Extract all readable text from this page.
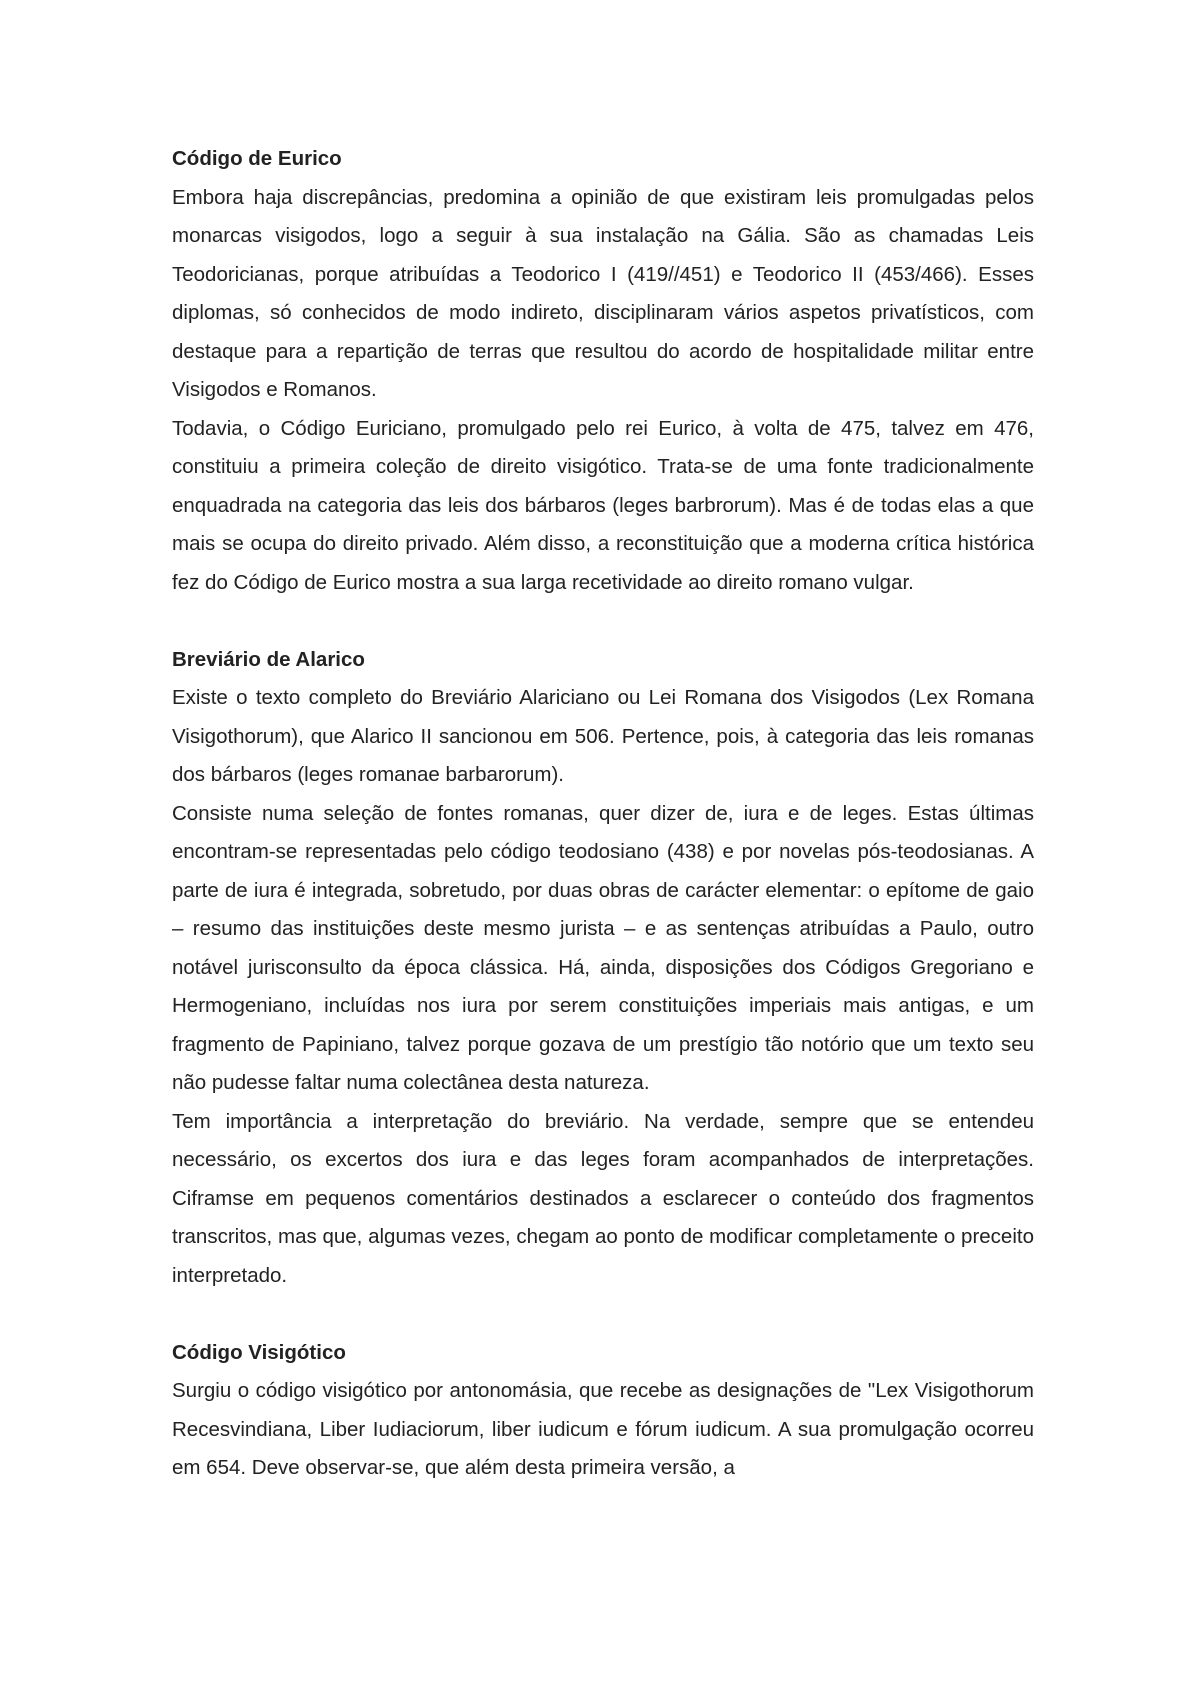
Código de Eurico

Embora haja discrepâncias, predomina a opinião de que existiram leis promulgadas pelos monarcas visigodos, logo a seguir à sua instalação na Gália. São as chamadas Leis Teodoricianas, porque atribuídas a Teodorico I (419//451) e Teodorico II (453/466). Esses diplomas, só conhecidos de modo indireto, disciplinaram vários aspetos privatísticos, com destaque para a repartição de terras que resultou do acordo de hospitalidade militar entre Visigodos e Romanos.

Todavia, o Código Euriciano, promulgado pelo rei Eurico, à volta de 475, talvez em 476, constituiu a primeira coleção de direito visigótico. Trata-se de uma fonte tradicionalmente enquadrada na categoria das leis dos bárbaros (leges barbrorum). Mas é de todas elas a que mais se ocupa do direito privado. Além disso, a reconstituição que a moderna crítica histórica fez do Código de Eurico mostra a sua larga recetividade ao direito romano vulgar.

Breviário de Alarico

Existe o texto completo do Breviário Alariciano ou Lei Romana dos Visigodos (Lex Romana Visigothorum), que Alarico II sancionou em 506. Pertence, pois, à categoria das leis romanas dos bárbaros (leges romanae barbarorum).

Consiste numa seleção de fontes romanas, quer dizer de, iura e de leges. Estas últimas encontram-se representadas pelo código teodosiano (438) e por novelas pós-teodosianas. A parte de iura é integrada, sobretudo, por duas obras de carácter elementar: o epítome de gaio – resumo das instituições deste mesmo jurista – e as sentenças atribuídas a Paulo, outro notável jurisconsulto da época clássica. Há, ainda, disposições dos Códigos Gregoriano e Hermogeniano, incluídas nos iura por serem constituições imperiais mais antigas, e um fragmento de Papiniano, talvez porque gozava de um prestígio tão notório que um texto seu não pudesse faltar numa colectânea desta natureza.

Tem importância a interpretação do breviário. Na verdade, sempre que se entendeu necessário, os excertos dos iura e das leges foram acompanhados de interpretações. Ciframse em pequenos comentários destinados a esclarecer o conteúdo dos fragmentos transcritos, mas que, algumas vezes, chegam ao ponto de modificar completamente o preceito interpretado.

Código Visigótico

Surgiu o código visigótico por antonomásia, que recebe as designações de "Lex Visigothorum Recesvindiana, Liber Iudiaciorum, liber iudicum e fórum iudicum. A sua promulgação ocorreu em 654. Deve observar-se, que além desta primeira versão, a
